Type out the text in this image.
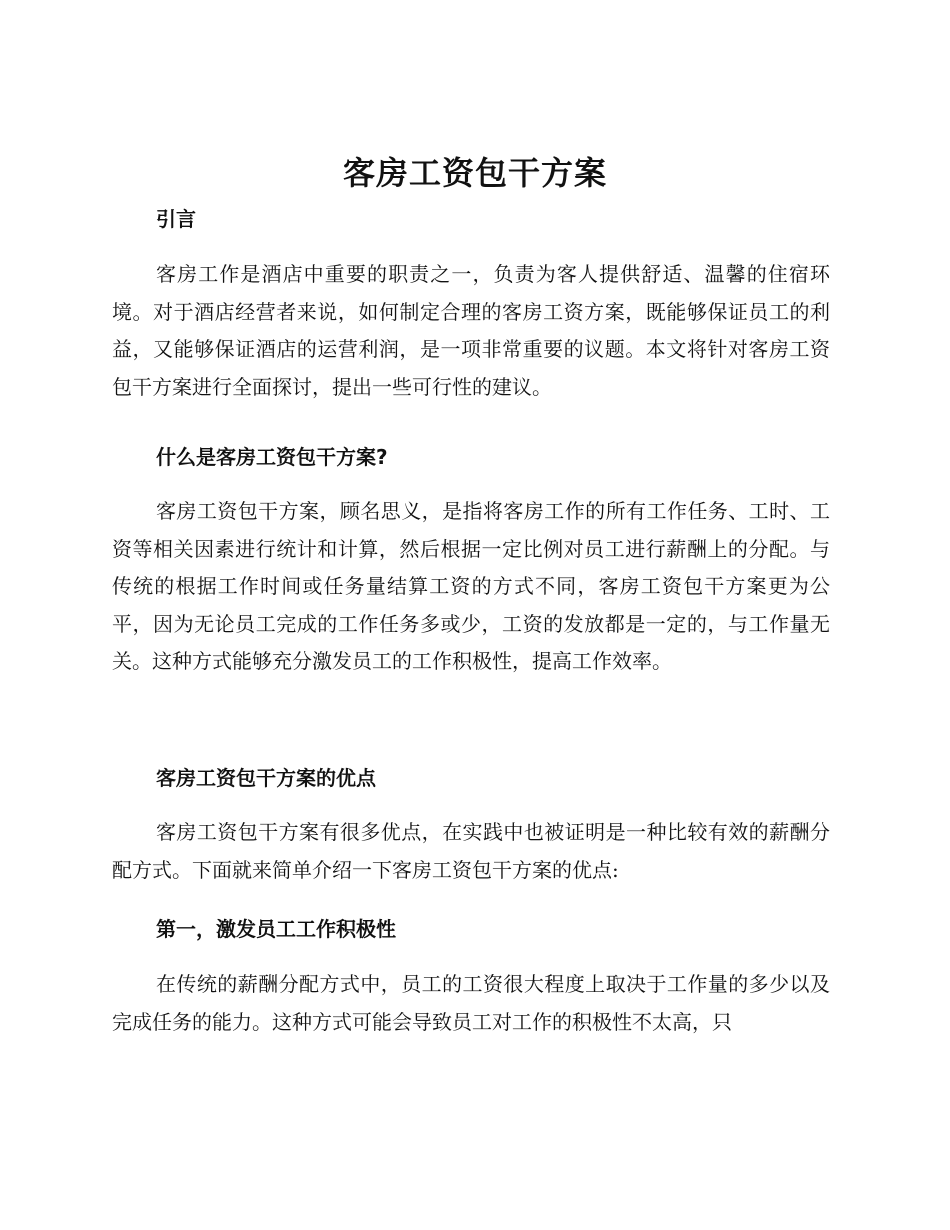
客房工资包干方案
引言

客房工作是酒店中重要的职责之一，负责为客人提供舒适、温馨的住宿环境。对于酒店经营者来说，如何制定合理的客房工资方案，既能够保证员工的利益，又能够保证酒店的运营利润，是一项非常重要的议题。本文将针对客房工资包干方案进行全面探讨，提出一些可行性的建议。

什么是客房工资包干方案?

客房工资包干方案，顾名思义，是指将客房工作的所有工作任务、工时、工资等相关因素进行统计和计算，然后根据一定比例对员工进行薪酬上的分配。与传统的根据工作时间或任务量结算工资的方式不同，客房工资包干方案更为公平，因为无论员工完成的工作任务多或少，工资的发放都是一定的，与工作量无关。这种方式能够充分激发员工的工作积极性，提高工作效率。

客房工资包干方案的优点

客房工资包干方案有很多优点，在实践中也被证明是一种比较有效的薪酬分配方式。下面就来简单介绍一下客房工资包干方案的优点:

第一，激发员工工作积极性

在传统的薪酬分配方式中，员工的工资很大程度上取决于工作量的多少以及完成任务的能力。这种方式可能会导致员工对工作的积极性不太高，只
